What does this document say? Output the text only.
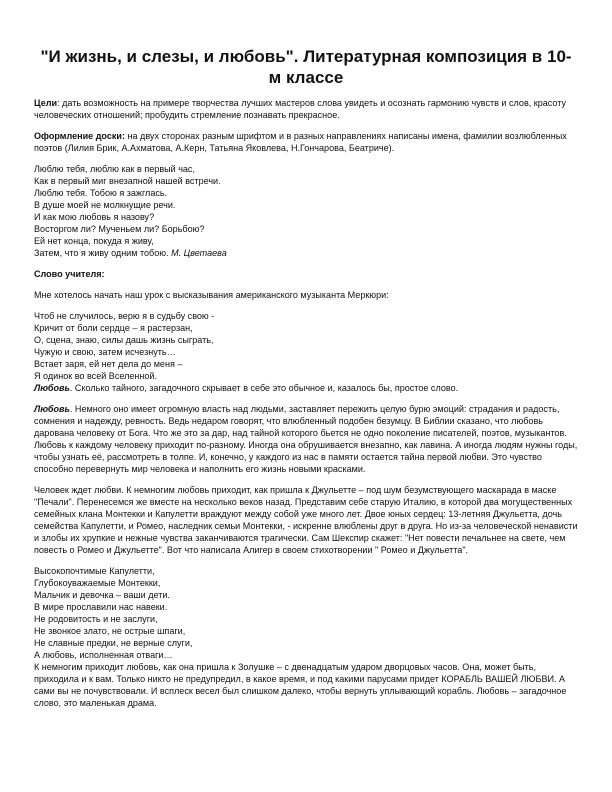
"И жизнь, и слезы, и любовь". Литературная композиция в 10-м классе

Цели: дать возможность на примере творчества лучших мастеров слова увидеть и осознать гармонию чувств и слов, красоту человеческих отношений; пробудить стремление познавать прекрасное.

Оформление доски: на двух сторонах разным шрифтом и в разных направлениях написаны имена, фамилии возлюбленных поэтов (Лилия Брик, А.Ахматова, А.Керн, Татьяна Яковлева, Н.Гончарова, Беатриче).

Люблю тебя, люблю как в первый час,
Как в первый миг внезапной нашей встречи.
Люблю тебя. Тобою я зажглась.
В душе моей не молкнущие речи.
И как мою любовь я назову?
Восторгом ли? Мученьем ли? Борьбою?
Ей нет конца, покуда я живу,
Затем, что я живу одним тобою. М. Цветаева

Слово учителя:

Мне хотелось начать наш урок с высказывания американского музыканта Меркюри:

Чтоб не случилось, верю я в судьбу свою -
Кричит от боли сердце – я растерзан,
О, сцена, знаю, силы дашь жизнь сыграть,
Чужую и свою, затем исчезнуть…
Встает заря, ей нет дела до меня –
Я одинок во всей Вселенной.

Любовь. Сколько тайного, загадочного скрывает в себе это обычное и, казалось бы, простое слово.

Любовь. Немного оно имеет огромную власть над людьми, заставляет пережить целую бурю эмоций: страдания и радость, сомнения и надежду, ревность. Ведь недаром говорят, что влюбленный подобен безумцу. В Библии сказано, что любовь дарована человеку от Бога. Что же это за дар, над тайной которого бьется не одно поколение писателей, поэтов, музыкантов. Любовь к каждому человеку приходит по-разному. Иногда она обрушивается внезапно, как лавина. А иногда людям нужны годы, чтобы узнать её, рассмотреть в толпе. И, конечно, у каждого из нас в памяти остается тайна первой любви. Это чувство способно перевернуть мир человека и наполнить его жизнь новыми красками.

Человек ждет любви. К немногим любовь приходит, как пришла к Джульетте – под шум безумствующего маскарада в маске "Печали". Перенесемся же вместе на несколько веков назад. Представим себе старую Италию, в которой два могущественных семейных клана Монтекки и Капулетти враждуют между собой уже много лет. Двое юных сердец: 13-летняя Джульетта, дочь семейства Капулетти, и Ромео, наследник семьи Монтекки, - искренне влюблены друг в друга. Но из-за человеческой ненависти и злобы их хрупкие и нежные чувства заканчиваются трагически. Сам Шекспир скажет: "Нет повести печальнее на свете, чем повесть о Ромео и Джульетте". Вот что написала Алигер в своем стихотворении " Ромео и Джульетта".

Высокопочтимые Капулетти,
Глубокоуважаемые Монтекки,
Мальчик и девочка – ваши дети.
В мире прославили нас навеки.
Не родовитость и не заслуги,
Не звонкое злато, не острые шпаги,
Не славные предки, не верные слуги,
А любовь, исполненная отваги…

К немногим приходит любовь, как она пришла к Золушке – с двенадцатым ударом дворцовых часов. Она, может быть, приходила и к вам. Только никто не предупредил, в какое время, и под какими парусами придет КОРАБЛЬ ВАШЕЙ ЛЮБВИ. А сами вы не почувствовали. И всплеск весел был слишком далеко, чтобы вернуть уплывающий корабль. Любовь – загадочное слово, это маленькая драма.
